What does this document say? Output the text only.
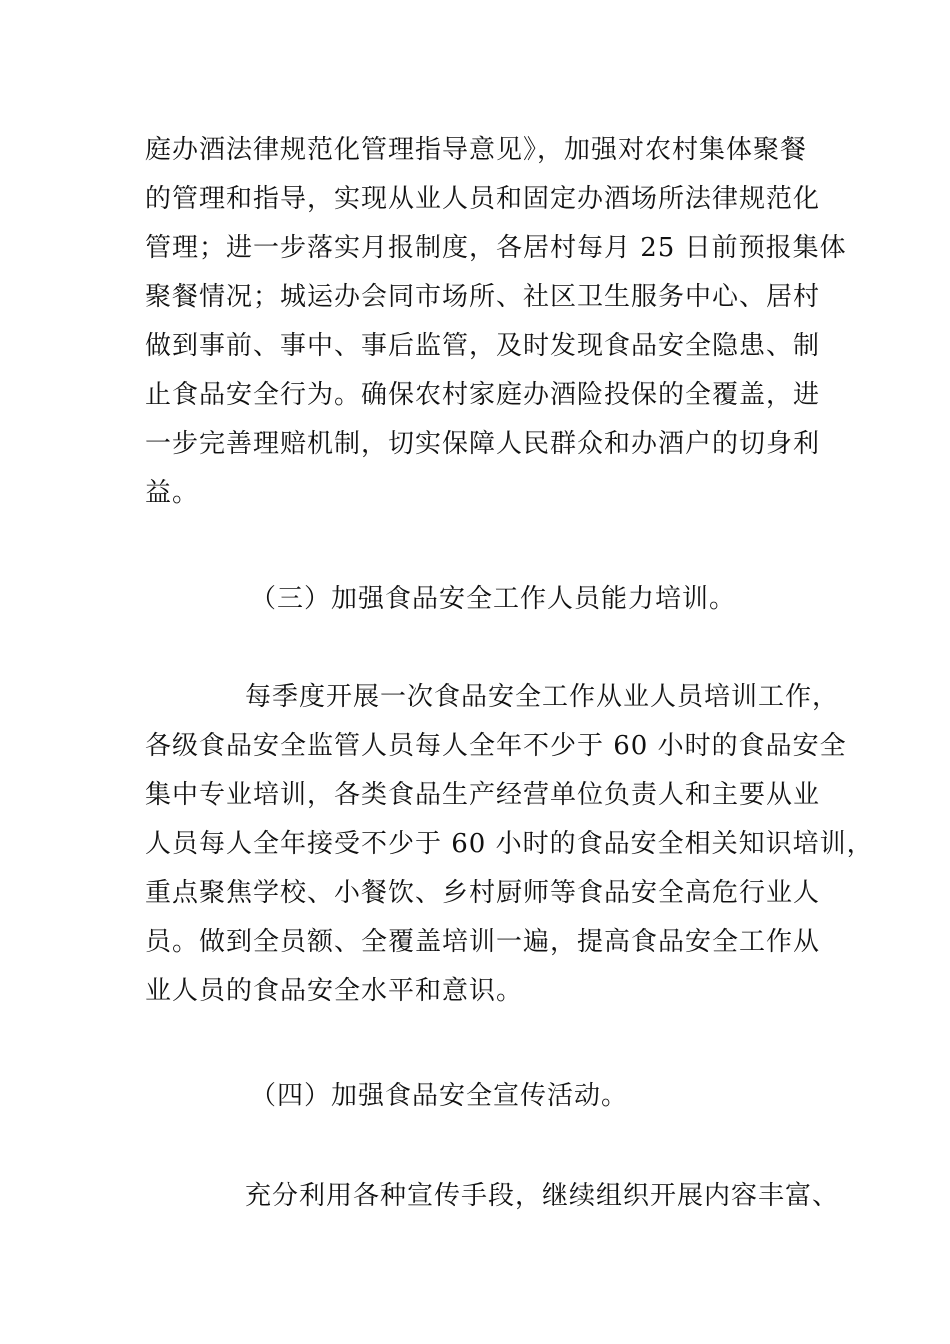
庭办酒法律规范化管理指导意见》，加强对农村集体聚餐
的管理和指导，实现从业人员和固定办酒场所法律规范化
管理；进一步落实月报制度，各居村每月 25 日前预报集体
聚餐情况；城运办会同市场所、社区卫生服务中心、居村
做到事前、事中、事后监管，及时发现食品安全隐患、制
止食品安全行为。确保农村家庭办酒险投保的全覆盖，进
一步完善理赔机制，切实保障人民群众和办酒户的切身利
益。
（三）加强食品安全工作人员能力培训。
每季度开展一次食品安全工作从业人员培训工作，
各级食品安全监管人员每人全年不少于 60 小时的食品安全
集中专业培训，各类食品生产经营单位负责人和主要从业
人员每人全年接受不少于 60 小时的食品安全相关知识培训，
重点聚焦学校、小餐饮、乡村厨师等食品安全高危行业人
员。做到全员额、全覆盖培训一遍，提高食品安全工作从
业人员的食品安全水平和意识。
（四）加强食品安全宣传活动。
充分利用各种宣传手段，继续组织开展内容丰富、
